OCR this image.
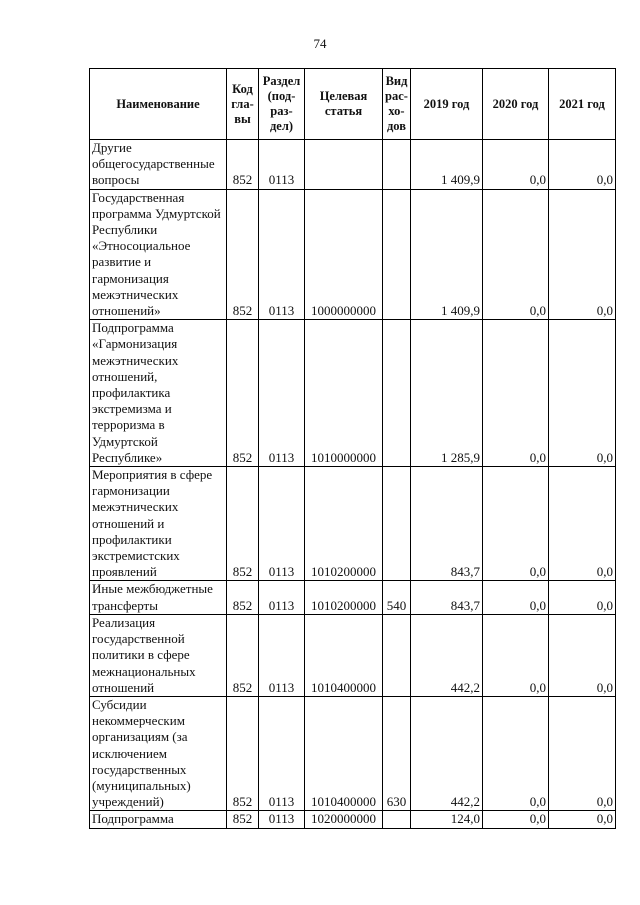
74
Наименование	Код гла-вы	Раздел (под-раз-дел)	Целевая статья	Вид рас-хо-дов	2019 год	2020 год	2021 год
Другие общегосударственные вопросы	852	0113			1 409,9	0,0	0,0
Государственная программа Удмуртской Республики «Этносоциальное развитие и гармонизация межэтнических отношений»	852	0113	1000000000		1 409,9	0,0	0,0
Подпрограмма «Гармонизация межэтнических отношений, профилактика экстремизма и терроризма в Удмуртской Республике»	852	0113	1010000000		1 285,9	0,0	0,0
Мероприятия в сфере гармонизации межэтнических отношений и профилактики экстремистских проявлений	852	0113	1010200000		843,7	0,0	0,0
Иные межбюджетные трансферты	852	0113	1010200000	540	843,7	0,0	0,0
Реализация государственной политики в сфере межнациональных отношений	852	0113	1010400000		442,2	0,0	0,0
Субсидии некоммерческим организациям (за исключением государственных (муниципальных) учреждений)	852	0113	1010400000	630	442,2	0,0	0,0
Подпрограмма	852	0113	1020000000		124,0	0,0	0,0
